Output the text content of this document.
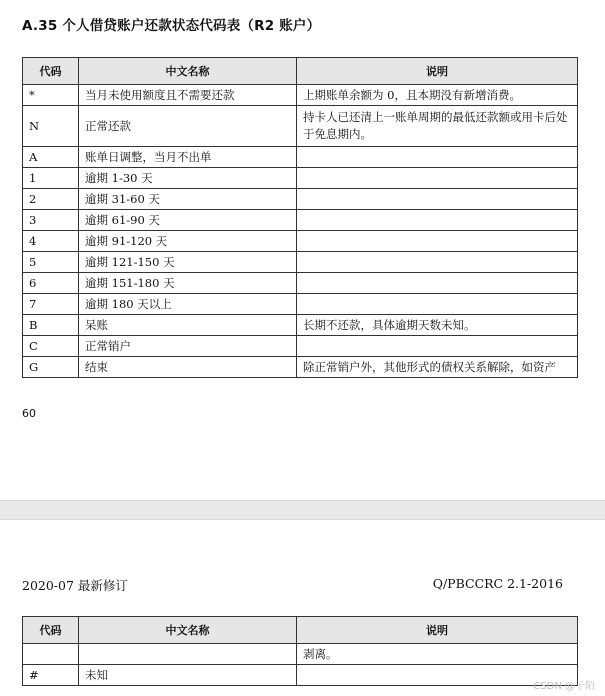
A.35 个人借贷账户还款状态代码表（R2 账户）
代码	中文名称	说明
*	当月未使用额度且不需要还款	上期账单余额为 0，且本期没有新增消费。
N	正常还款	持卡人已还清上一账单周期的最低还款额或用卡后处于免息期内。
A	账单日调整，当月不出单	
1	逾期 1-30 天	
2	逾期 31-60 天	
3	逾期 61-90 天	
4	逾期 91-120 天	
5	逾期 121-150 天	
6	逾期 151-180 天	
7	逾期 180 天以上	
B	呆账	长期不还款，具体逾期天数未知。
C	正常销户	
G	结束	除正常销户外，其他形式的债权关系解除，如资产
60
2020-07 最新修订	Q/PBCCRC 2.1-2016
代码	中文名称	说明
		剥离。
#	未知	
CSDN @子陌
